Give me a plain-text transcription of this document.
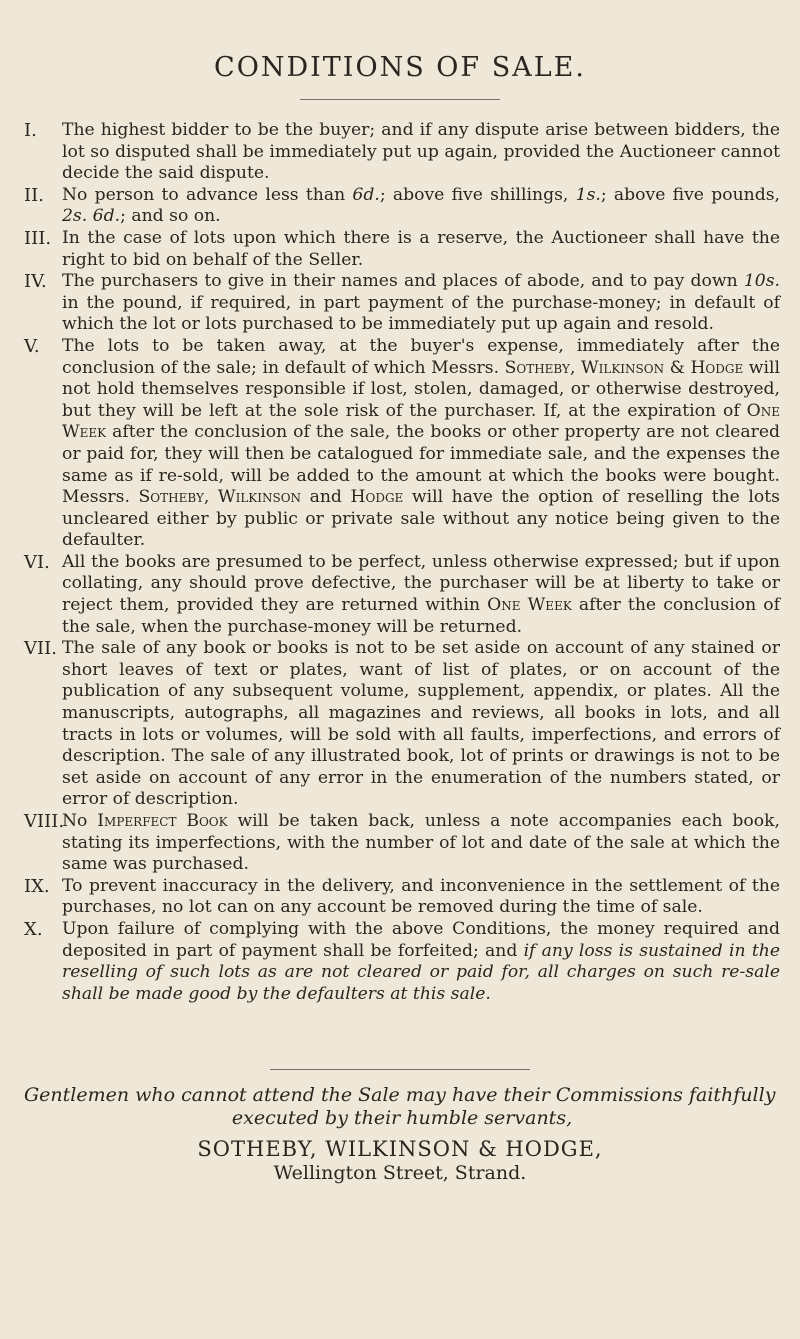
CONDITIONS OF SALE.
I. The highest bidder to be the buyer; and if any dispute arise between bidders, the lot so disputed shall be immediately put up again, provided the Auctioneer cannot decide the said dispute.
II. No person to advance less than 6d.; above five shillings, 1s.; above five pounds, 2s. 6d.; and so on.
III. In the case of lots upon which there is a reserve, the Auctioneer shall have the right to bid on behalf of the Seller.
IV. The purchasers to give in their names and places of abode, and to pay down 10s. in the pound, if required, in part payment of the purchase-money; in default of which the lot or lots purchased to be immediately put up again and resold.
V. The lots to be taken away, at the buyer's expense, immediately after the conclusion of the sale; in default of which Messrs. Sotheby, Wilkinson & Hodge will not hold themselves responsible if lost, stolen, damaged, or otherwise destroyed, but they will be left at the sole risk of the purchaser. If, at the expiration of One Week after the conclusion of the sale, the books or other property are not cleared or paid for, they will then be catalogued for immediate sale, and the expenses the same as if re-sold, will be added to the amount at which the books were bought. Messrs. Sotheby, Wilkinson and Hodge will have the option of reselling the lots uncleared either by public or private sale without any notice being given to the defaulter.
VI. All the books are presumed to be perfect, unless otherwise expressed; but if upon collating, any should prove defective, the purchaser will be at liberty to take or reject them, provided they are returned within One Week after the conclusion of the sale, when the purchase-money will be returned.
VII. The sale of any book or books is not to be set aside on account of any stained or short leaves of text or plates, want of list of plates, or on account of the publication of any subsequent volume, supplement, appendix, or plates. All the manuscripts, autographs, all magazines and reviews, all books in lots, and all tracts in lots or volumes, will be sold with all faults, imperfections, and errors of description. The sale of any illustrated book, lot of prints or drawings is not to be set aside on account of any error in the enumeration of the numbers stated, or error of description.
VIII.
No Imperfect Book will be taken back, unless a note accompanies each book, stating its imperfections, with the number of lot and date of the sale at which the same was purchased.
IX. To prevent inaccuracy in the delivery, and inconvenience in the settlement of the purchases, no lot can on any account be removed during the time of sale.
X. Upon failure of complying with the above Conditions, the money required and deposited in part of payment shall be forfeited; and if any loss is sustained in the reselling of such lots as are not cleared or paid for, all charges on such re-sale shall be made good by the defaulters at this sale.
Gentlemen who cannot attend the Sale may have their Commissions faithfully
executed by their humble servants,
SOTHEBY, WILKINSON & HODGE,
Wellington Street, Strand.
